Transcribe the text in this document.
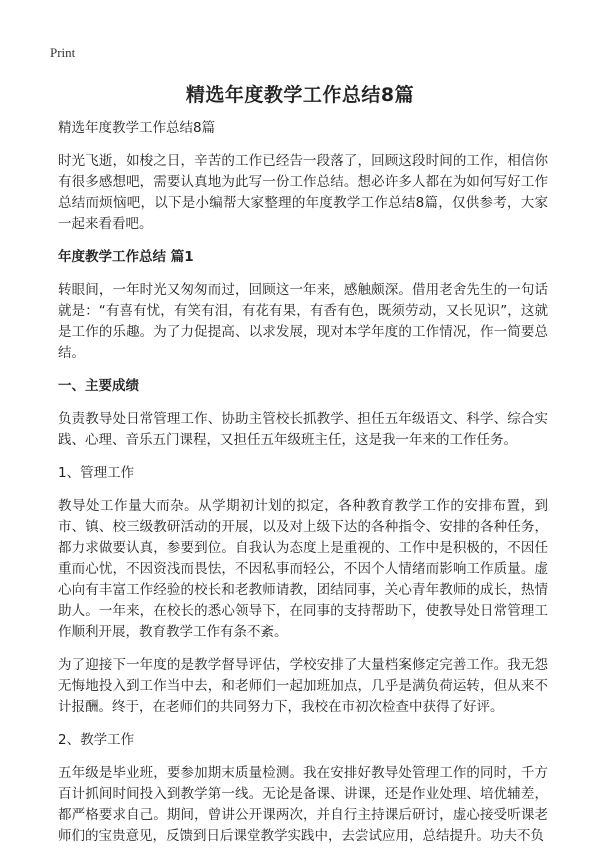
Print
精选年度教学工作总结8篇

精选年度教学工作总结8篇

时光飞逝，如梭之日，辛苦的工作已经告一段落了，回顾这段时间的工作，相信你有很多感想吧，需要认真地为此写一份工作总结。想必许多人都在为如何写好工作总结而烦恼吧，以下是小编帮大家整理的年度教学工作总结8篇，仅供参考，大家一起来看看吧。

年度教学工作总结 篇1

转眼间，一年时光又匆匆而过，回顾这一年来，感触颇深。借用老舍先生的一句话就是：“有喜有忧，有笑有泪，有花有果，有香有色，既须劳动，又长见识”，这就是工作的乐趣。为了力促提高、以求发展，现对本学年度的工作情况，作一简要总结。

一、主要成绩

负责教导处日常管理工作、协助主管校长抓教学、担任五年级语文、科学、综合实践、心理、音乐五门课程，又担任五年级班主任，这是我一年来的工作任务。

1、管理工作

教导处工作量大而杂。从学期初计划的拟定，各种教育教学工作的安排布置，到市、镇、校三级教研活动的开展，以及对上级下达的各种指令、安排的各种任务，都力求做要认真，参要到位。自我认为态度上是重视的、工作中是积极的，不因任重而心忧，不因资浅而畏怯，不因私事而轻公，不因个人情绪而影响工作质量。虚心向有丰富工作经验的校长和老教师请教，团结同事，关心青年教师的成长，热情助人。一年来，在校长的悉心领导下，在同事的支持帮助下，使教导处日常管理工作顺利开展，教育教学工作有条不紊。

为了迎接下一年度的是教学督导评估，学校安排了大量档案修定完善工作。我无怨无悔地投入到工作当中去，和老师们一起加班加点，几乎是满负荷运转，但从来不计报酬。终于，在老师们的共同努力下，我校在市初次检查中获得了好评。

2、教学工作

五年级是毕业班，要参加期末质量检测。我在安排好教导处管理工作的同时，千方百计抓间时间投入到教学第一线。无论是备课、讲课，还是作业处理、培优辅差，都严格要求自己。期间，曾讲公开课两次，并自行主持课后研讨，虚心接受听课老师们的宝贵意见，反馈到日后课堂教学实践中，去尝试应用，总结提升。功夫不负
